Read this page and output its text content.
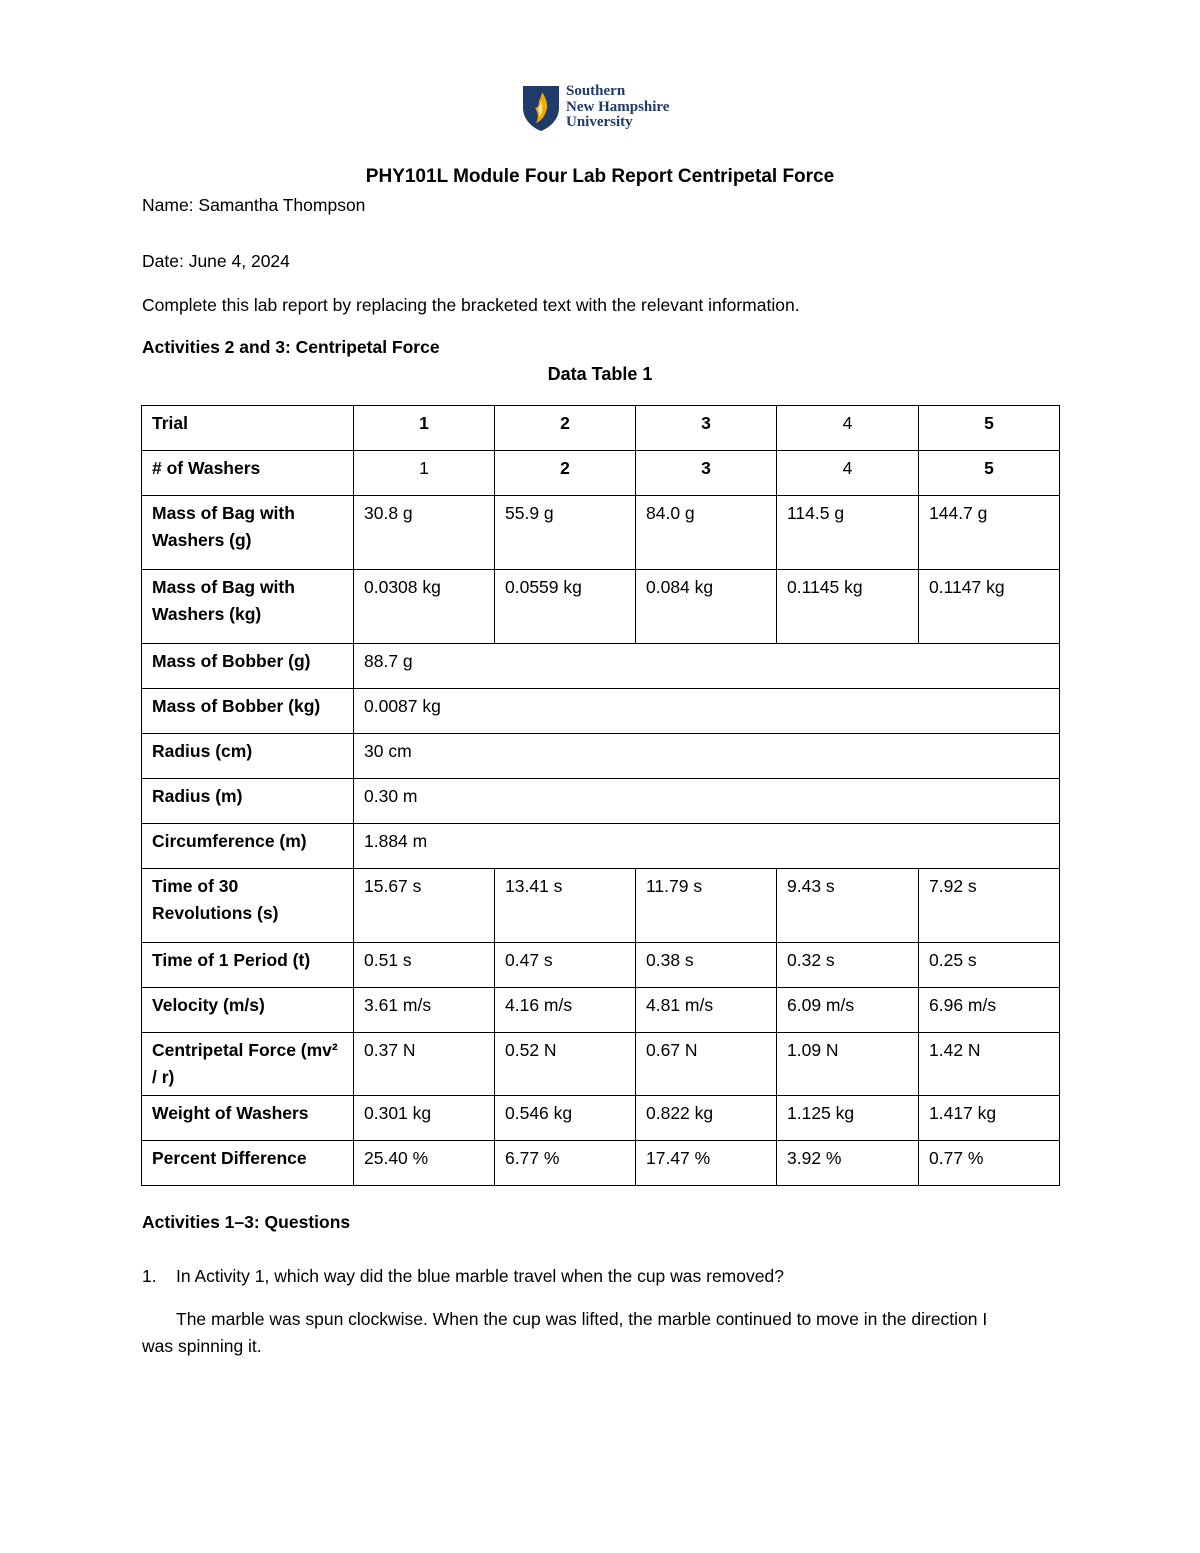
Southern
New Hampshire
University
PHY101L Module Four Lab Report Centripetal Force
Name: Samantha Thompson
Date: June 4, 2024
Complete this lab report by replacing the bracketed text with the relevant information.
Activities 2 and 3: Centripetal Force
Data Table 1
Trial	1	2	3	4	5
# of Washers	1	2	3	4	5
Mass of Bag with Washers (g)	30.8 g	55.9 g	84.0 g	114.5 g	144.7 g
Mass of Bag with Washers (kg)	0.0308 kg	0.0559 kg	0.084 kg	0.1145 kg	0.1147 kg
Mass of Bobber (g)	88.7 g				
Mass of Bobber (kg)	0.0087 kg				
Radius (cm)	30 cm				
Radius (m)	0.30 m				
Circumference (m)	1.884 m				
Time of 30 Revolutions (s)	15.67 s	13.41 s	11.79 s	9.43 s	7.92 s
Time of 1 Period (t)	0.51 s	0.47 s	0.38 s	0.32 s	0.25 s
Velocity (m/s)	3.61 m/s	4.16 m/s	4.81 m/s	6.09 m/s	6.96 m/s
Centripetal Force (mv² / r)	0.37 N	0.52 N	0.67 N	1.09 N	1.42 N
Weight of Washers	0.301 kg	0.546 kg	0.822 kg	1.125 kg	1.417 kg
Percent Difference	25.40 %	6.77 %	17.47 %	3.92 %	0.77 %
Activities 1–3: Questions
1. In Activity 1, which way did the blue marble travel when the cup was removed?
The marble was spun clockwise. When the cup was lifted, the marble continued to move in the direction I was spinning it.
